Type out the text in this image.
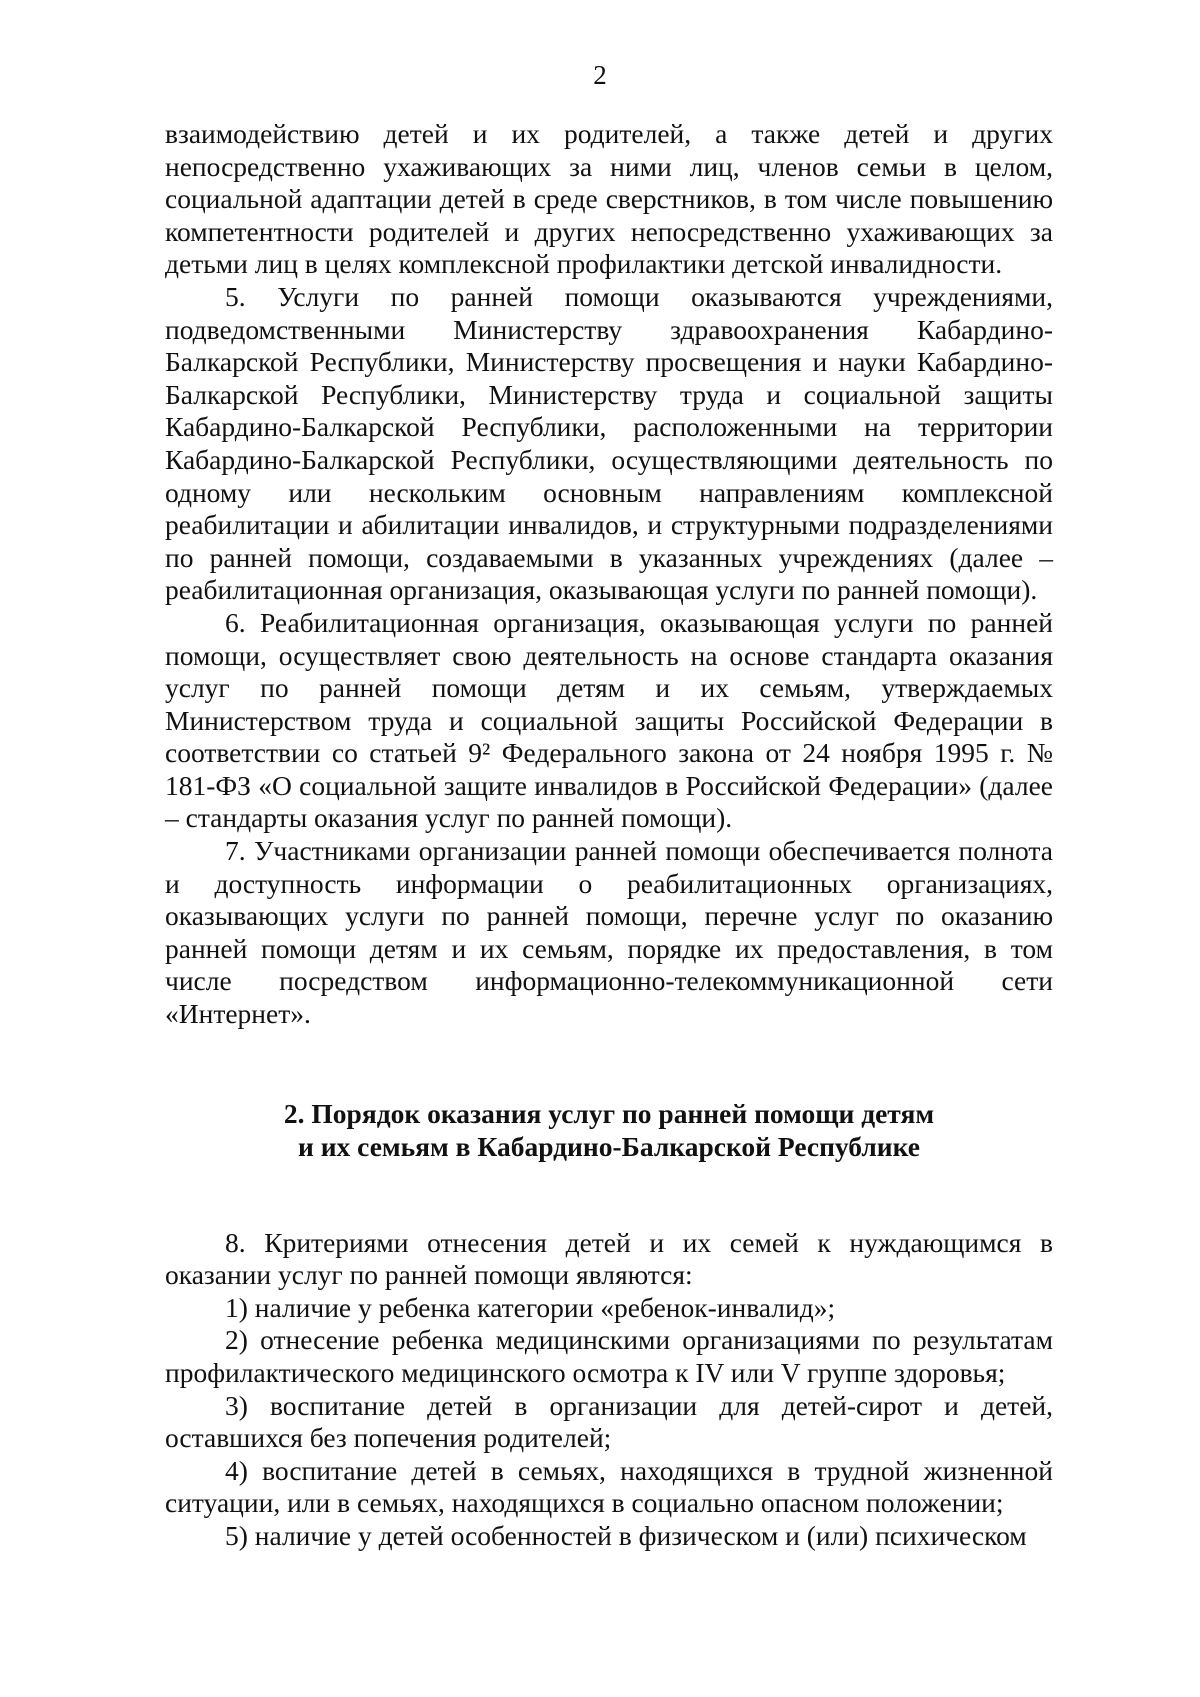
2

взаимодействию детей и их родителей, а также детей и других непосредственно ухаживающих за ними лиц, членов семьи в целом, социальной адаптации детей в среде сверстников, в том числе повышению компетентности родителей и других непосредственно ухаживающих за детьми лиц в целях комплексной профилактики детской инвалидности.

5. Услуги по ранней помощи оказываются учреждениями, подведомственными Министерству здравоохранения Кабардино-Балкарской Республики, Министерству просвещения и науки Кабардино-Балкарской Республики, Министерству труда и социальной защиты Кабардино-Балкарской Республики, расположенными на территории Кабардино-Балкарской Республики, осуществляющими деятельность по одному или нескольким основным направлениям комплексной реабилитации и абилитации инвалидов, и структурными подразделениями по ранней помощи, создаваемыми в указанных учреждениях (далее – реабилитационная организация, оказывающая услуги по ранней помощи).

6. Реабилитационная организация, оказывающая услуги по ранней помощи, осуществляет свою деятельность на основе стандарта оказания услуг по ранней помощи детям и их семьям, утверждаемых Министерством труда и социальной защиты Российской Федерации в соответствии со статьей 9² Федерального закона от 24 ноября 1995 г. № 181-ФЗ «О социальной защите инвалидов в Российской Федерации» (далее – стандарты оказания услуг по ранней помощи).

7. Участниками организации ранней помощи обеспечивается полнота и доступность информации о реабилитационных организациях, оказывающих услуги по ранней помощи, перечне услуг по оказанию ранней помощи детям и их семьям, порядке их предоставления, в том числе посредством информационно-телекоммуникационной сети «Интернет».

2. Порядок оказания услуг по ранней помощи детям
и их семьям в Кабардино-Балкарской Республике

8. Критериями отнесения детей и их семей к нуждающимся в оказании услуг по ранней помощи являются:

1) наличие у ребенка категории «ребенок-инвалид»;

2) отнесение ребенка медицинскими организациями по результатам профилактического медицинского осмотра к IV или V группе здоровья;

3) воспитание детей в организации для детей-сирот и детей, оставшихся без попечения родителей;

4) воспитание детей в семьях, находящихся в трудной жизненной ситуации, или в семьях, находящихся в социально опасном положении;

5) наличие у детей особенностей в физическом и (или) психическом
